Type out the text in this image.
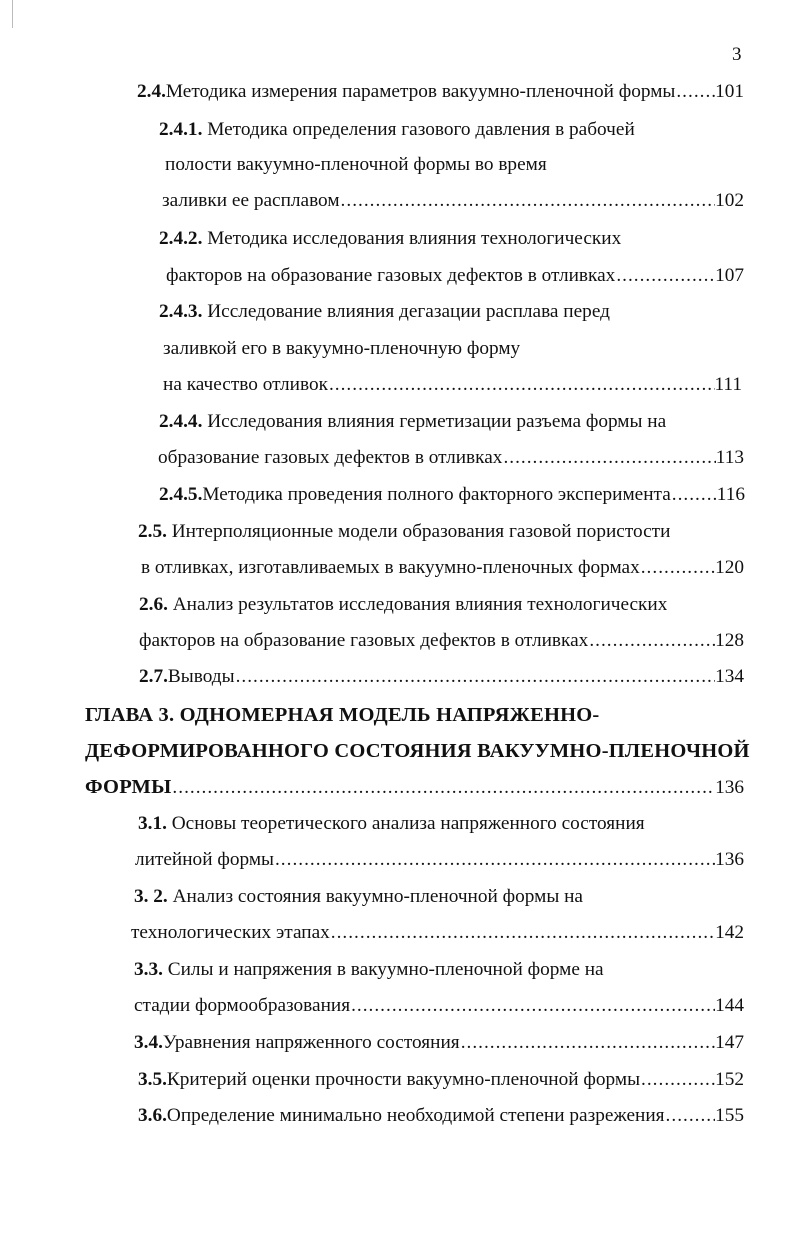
3
2.4. Методика измерения параметров вакуумно-пленочной формы ..... 101
2.4.1. Методика определения газового давления в рабочей
полости вакуумно-пленочной формы во время
заливки ее расплавом .....	102
2.4.2. Методика исследования влияния технологических
факторов на образование газовых дефектов в отливках .....	107
2.4.3. Исследование влияния дегазации расплава перед
заливкой его в вакуумно-пленочную форму
на качество отливок .....	111
2.4.4. Исследования влияния герметизации разъема формы на
образование газовых дефектов в отливках .....	113
2.4.5. Методика проведения полного факторного эксперимента ..... 116
2.5. Интерполяционные модели образования газовой пористости
в отливках, изготавливаемых в вакуумно-пленочных формах .....	120
2.6. Анализ результатов исследования влияния технологических
факторов на образование газовых дефектов в отливках .....	128
2.7. Выводы .....	134
ГЛАВА 3. ОДНОМЕРНАЯ МОДЕЛЬ НАПРЯЖЕННО-
ДЕФОРМИРОВАННОГО СОСТОЯНИЯ ВАКУУМНО-ПЛЕНОЧНОЙ
ФОРМЫ .....	136
3.1. Основы теоретического анализа напряженного состояния
литейной формы .....	136
3. 2. Анализ состояния вакуумно-пленочной формы на
технологических этапах .....	142
3.3. Силы и напряжения в вакуумно-пленочной форме на
стадии формообразования .....	144
3.4. Уравнения напряженного состояния .....	147
3.5. Критерий оценки прочности вакуумно-пленочной формы .....	152
3.6. Определение минимально необходимой степени разрежения .....	155
